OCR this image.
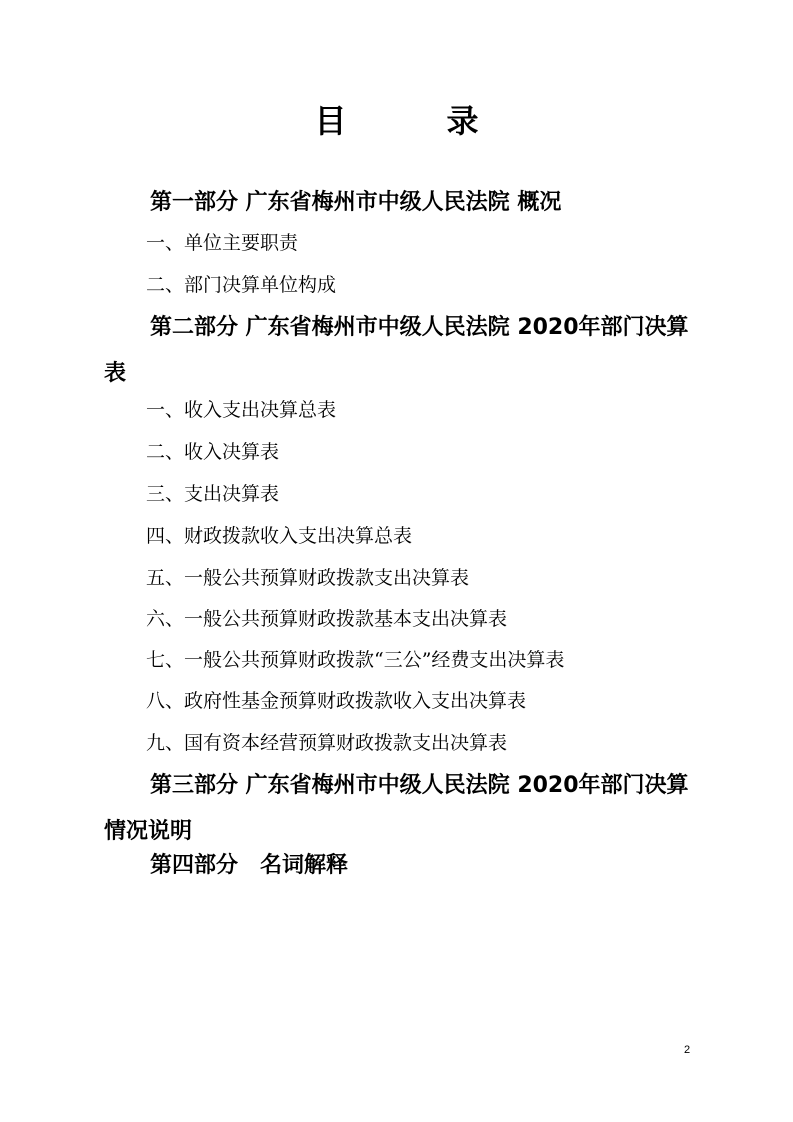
目	录
第一部分 广东省梅州市中级人民法院 概况
一、单位主要职责
二、部门决算单位构成
第二部分 广东省梅州市中级人民法院 2020年部门决算表
一、收入支出决算总表
二、收入决算表
三、支出决算表
四、财政拨款收入支出决算总表
五、一般公共预算财政拨款支出决算表
六、一般公共预算财政拨款基本支出决算表
七、一般公共预算财政拨款“三公”经费支出决算表
八、政府性基金预算财政拨款收入支出决算表
九、国有资本经营预算财政拨款支出决算表
第三部分 广东省梅州市中级人民法院 2020年部门决算情况说明
第四部分　名词解释
2
